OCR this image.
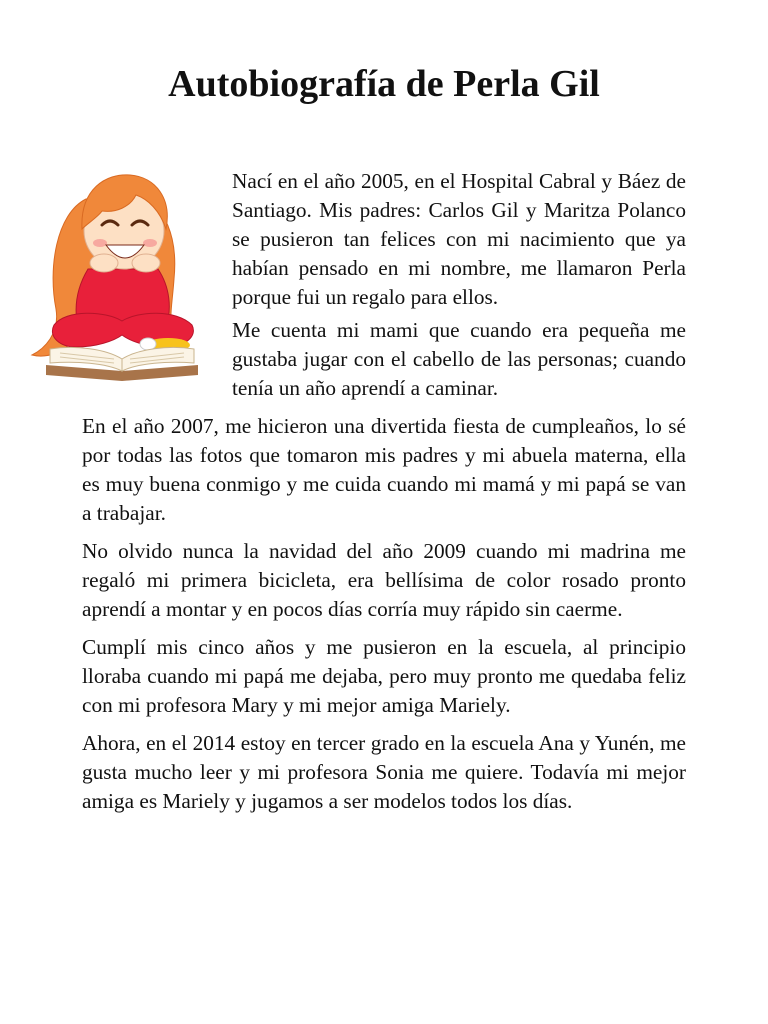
Autobiografía de Perla Gil

Nací en el año 2005, en el Hospital Cabral y Báez de Santiago. Mis padres: Carlos Gil y Maritza Polanco se pusieron tan felices con mi nacimiento que ya habían pensado en mi nombre, me llamaron Perla porque fui un regalo para ellos.

Me cuenta mi mami que cuando era pequeña me gustaba jugar con el cabello de las personas; cuando tenía un año aprendí a caminar.

En el año 2007, me hicieron una divertida fiesta de cumpleaños, lo sé por todas las fotos que tomaron mis padres y mi abuela materna, ella es muy buena conmigo y me cuida cuando mi mamá y mi papá se van a trabajar.

No olvido nunca la navidad del año 2009 cuando mi madrina me regaló mi primera bicicleta, era bellísima de color rosado pronto aprendí a montar y en pocos días corría muy rápido sin caerme.

Cumplí mis cinco años y me pusieron en la escuela, al principio lloraba cuando mi papá me dejaba, pero muy pronto me quedaba feliz con mi profesora Mary y mi mejor amiga Mariely.

Ahora, en el 2014 estoy en tercer grado en la escuela Ana y Yunén, me gusta mucho leer y mi profesora Sonia me quiere. Todavía mi mejor amiga es Mariely y jugamos a ser modelos todos los días.
